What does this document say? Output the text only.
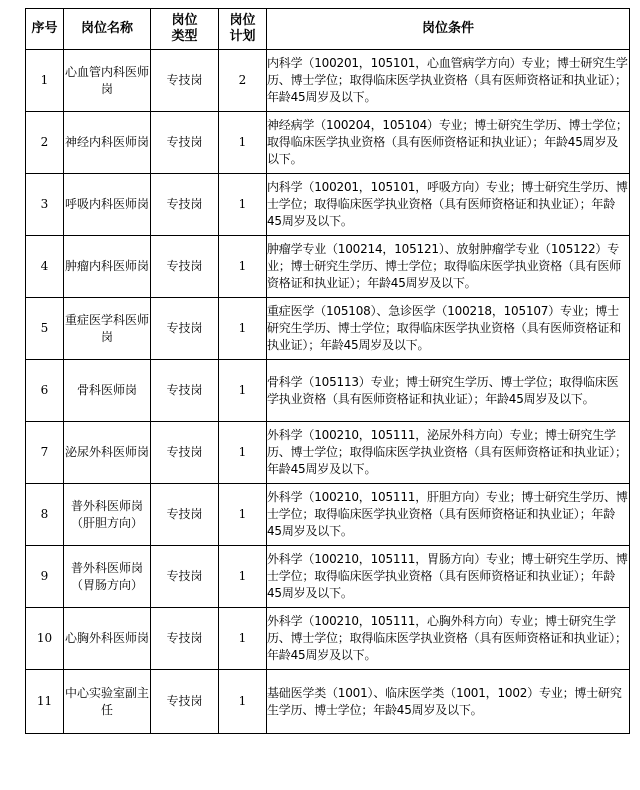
序号	岗位名称	岗位类型	岗位计划	岗位条件
1	心血管内科医师岗	专技岗	2	内科学（100201，105101，心血管病学方向）专业；博士研究生学历、博士学位；取得临床医学执业资格（具有医师资格证和执业证）；年龄45周岁及以下。
2	神经内科医师岗	专技岗	1	神经病学（100204，105104）专业；博士研究生学历、博士学位；取得临床医学执业资格（具有医师资格证和执业证）；年龄45周岁及以下。
3	呼吸内科医师岗	专技岗	1	内科学（100201，105101，呼吸方向）专业；博士研究生学历、博士学位；取得临床医学执业资格（具有医师资格证和执业证）；年龄45周岁及以下。
4	肿瘤内科医师岗	专技岗	1	肿瘤学专业（100214，105121）、放射肿瘤学专业（105122）专业；博士研究生学历、博士学位；取得临床医学执业资格（具有医师资格证和执业证）；年龄45周岁及以下。
5	重症医学科医师岗	专技岗	1	重症医学（105108）、急诊医学（100218，105107）专业；博士研究生学历、博士学位；取得临床医学执业资格（具有医师资格证和执业证）；年龄45周岁及以下。
6	骨科医师岗	专技岗	1	骨科学（105113）专业；博士研究生学历、博士学位；取得临床医学执业资格（具有医师资格证和执业证）；年龄45周岁及以下。
7	泌尿外科医师岗	专技岗	1	外科学（100210，105111，泌尿外科方向）专业；博士研究生学历、博士学位；取得临床医学执业资格（具有医师资格证和执业证）；年龄45周岁及以下。
8	普外科医师岗（肝胆方向）	专技岗	1	外科学（100210，105111，肝胆方向）专业；博士研究生学历、博士学位；取得临床医学执业资格（具有医师资格证和执业证）；年龄45周岁及以下。
9	普外科医师岗（胃肠方向）	专技岗	1	外科学（100210，105111，胃肠方向）专业；博士研究生学历、博士学位；取得临床医学执业资格（具有医师资格证和执业证）；年龄45周岁及以下。
10	心胸外科医师岗	专技岗	1	外科学（100210，105111，心胸外科方向）专业；博士研究生学历、博士学位；取得临床医学执业资格（具有医师资格证和执业证）；年龄45周岁及以下。
11	中心实验室副主任	专技岗	1	基础医学类（1001）、临床医学类（1001，1002）专业；博士研究生学历、博士学位；年龄45周岁及以下。
